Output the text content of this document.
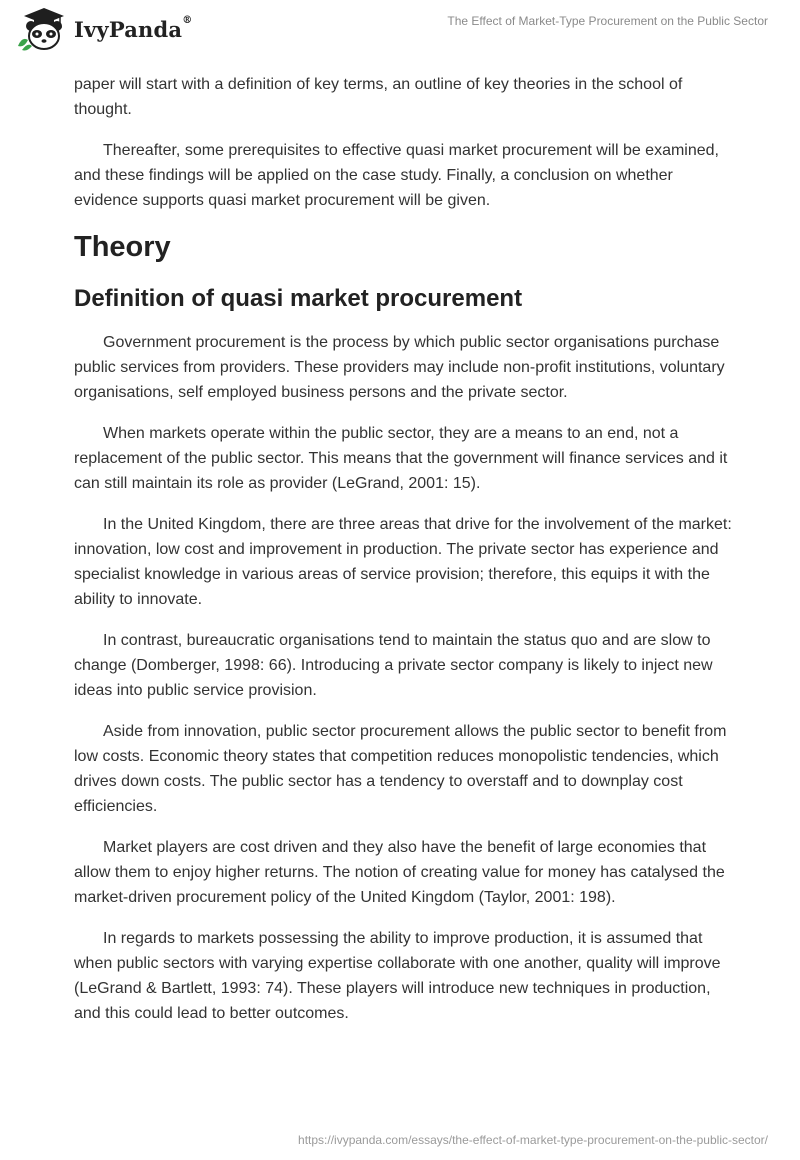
IvyPanda®	The Effect of Market-Type Procurement on the Public Sector

paper will start with a definition of key terms, an outline of key theories in the school of thought.

Thereafter, some prerequisites to effective quasi market procurement will be examined, and these findings will be applied on the case study. Finally, a conclusion on whether evidence supports quasi market procurement will be given.

Theory
Definition of quasi market procurement

Government procurement is the process by which public sector organisations purchase public services from providers. These providers may include non-profit institutions, voluntary organisations, self employed business persons and the private sector.

When markets operate within the public sector, they are a means to an end, not a replacement of the public sector. This means that the government will finance services and it can still maintain its role as provider (LeGrand, 2001: 15).

In the United Kingdom, there are three areas that drive for the involvement of the market: innovation, low cost and improvement in production. The private sector has experience and specialist knowledge in various areas of service provision; therefore, this equips it with the ability to innovate.

In contrast, bureaucratic organisations tend to maintain the status quo and are slow to change (Domberger, 1998: 66). Introducing a private sector company is likely to inject new ideas into public service provision.

Aside from innovation, public sector procurement allows the public sector to benefit from low costs. Economic theory states that competition reduces monopolistic tendencies, which drives down costs. The public sector has a tendency to overstaff and to downplay cost efficiencies.

Market players are cost driven and they also have the benefit of large economies that allow them to enjoy higher returns. The notion of creating value for money has catalysed the market-driven procurement policy of the United Kingdom (Taylor, 2001: 198).

In regards to markets possessing the ability to improve production, it is assumed that when public sectors with varying expertise collaborate with one another, quality will improve (LeGrand & Bartlett, 1993: 74). These players will introduce new techniques in production, and this could lead to better outcomes.

https://ivypanda.com/essays/the-effect-of-market-type-procurement-on-the-public-sector/
